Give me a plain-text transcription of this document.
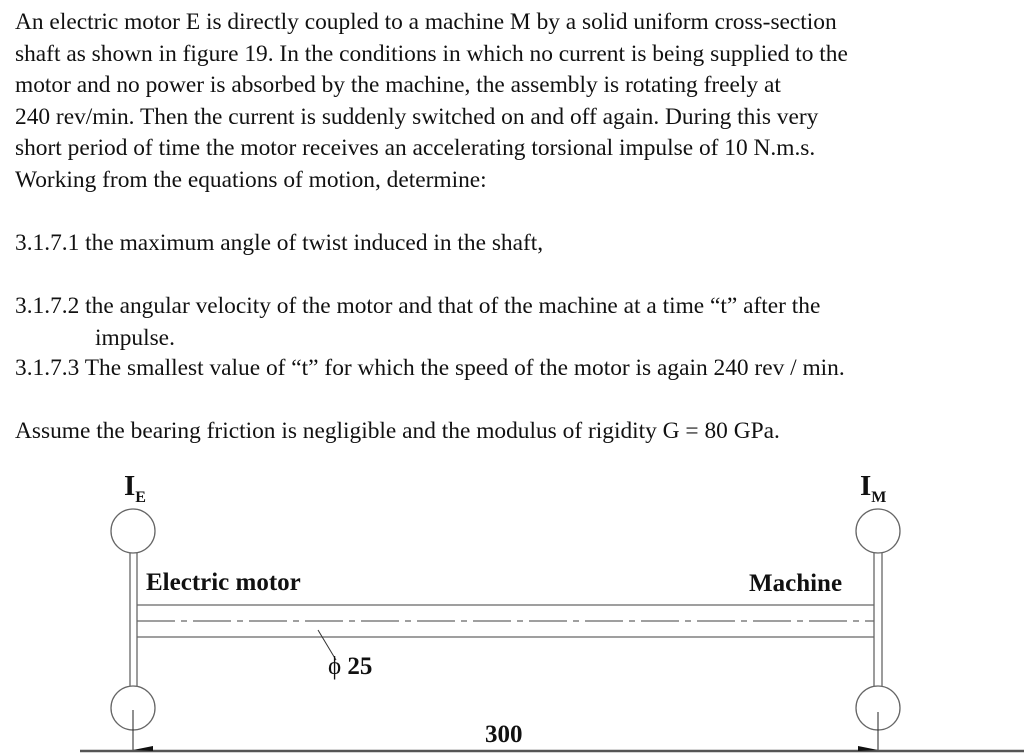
An electric motor E is directly coupled to a machine M by a solid uniform cross-section
shaft as shown in figure 19. In the conditions in which no current is being supplied to the
motor and no power is absorbed by the machine, the assembly is rotating freely at
240 rev/min. Then the current is suddenly switched on and off again. During this very
short period of time the motor receives an accelerating torsional impulse of 10 N.m.s.
Working from the equations of motion, determine:
3.1.7.1 the maximum angle of twist induced in the shaft,
3.1.7.2 the angular velocity of the motor and that of the machine at a time “t” after the
impulse.
3.1.7.3 The smallest value of “t” for which the speed of the motor is again 240 rev / min.
Assume the bearing friction is negligible and the modulus of rigidity G = 80 GPa.
$I_E$	$I_M$
Electric motor	Machine
ϕ 25
300
